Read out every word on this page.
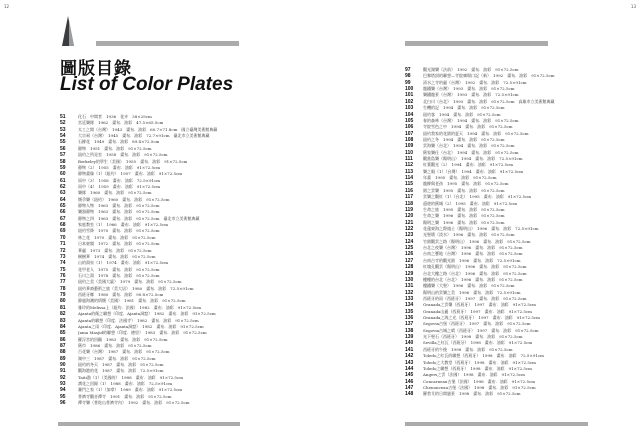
12	13
圖版目錄
List of Color Plates
51	化石　中間者　1936　花卉　38×29cm
52	宮廷樂隊　1962　畫布．油彩　47.5×65.5cm
53	太工之間（台灣）　1943　畫布．油彩　60.7×71.8cm　國立臺灣美術館典藏
54	大宗祠（台灣）　1945　畫布．油彩　72.7×91cm　臺北市立美術館典藏
55	石柳花　1949　畫布．油彩　89.4×72.5cm
56	靜物　1951　畫布．油彩　91×72.5cm
57	紐約之所見室　1958　畫布．油彩　91×72.5cm
58	Berkeley的學生（美國）　1955　畫布．油彩　91×72.5cm
59	靜物（2）　1955　畫布．油彩　91×72.5cm
60	靜物畫像（1）（紐約）　1957　畫布．油彩　91×72.5cm
61	雨中（3）　1958　畫布．油彩　72.5×91cm
62	雨中（4）　1959　畫布．油彩　91×72.5cm
63	樂隊　1960　畫布．油彩　91×72.5cm
64	懷孕樂（紐約）　1960　畫布．油彩　91×72.5cm
65	靜物人物　1963　畫布．油彩　91×72.5cm
66	樂器靜物　1963　畫布．油彩　91×72.5cm
67	靜物之四　1963　畫布．油彩　91×72.5cm　臺北市立美術館典藏
68	家庭教室（1）　1966　畫布．油彩　91×72.5cm
69	紐約雪降　1970　畫布．油彩　91×72.5cm
70	林之花　1970　畫布．油彩　91×72.5cm
71	日本東閣　1972　畫布．油彩　91×72.5cm
72	華麗　1973　畫布．油彩　91×72.5cm
73	樹樹華　1974　畫布．油彩　91×72.5cm
74	山的湯泉（1）　1974　畫布．油彩　91×72.5cm
75	花甲老人　1975　畫布．油彩　91×72.5cm
76	石川之湯　1978　畫布．油彩　91×72.5cm
77	紐約之美（美國大廈）　1979　畫布．油彩　91×72.5cm
78	紐約華裔藝術之旅（美大居）　1980　畫布．油彩　72.5×91cm
79	西班牙鄉　1980　畫布．油彩　90.8×72.5cm
80	靜風海潮的情懷（美國）　1981　畫布．油彩　91×72.5cm
81	雅玲的Melissa上（紐約．法國）　1982　畫布．油彩　91×72.5cm
82	Ajanta的衛之聯想（印度．Ajanta洞窟）　1982　畫布．油彩　91×72.5cm
83	Ajanta的聯想（印度．法國寺）　1982　畫布．油彩　91×72.5cm
84	Ajanta之雨（印度．Ajanta洞窟）　1982　畫布．油彩　91×72.5cm
85	Jama Masjid的聯想（印度．德里）　1983　畫布．油彩　91×72.5cm
86	羅浮宮的回顧　1983　畫布．油彩　91×72.5cm
87	舊市　1986　畫布．油彩　91×72.5cm
88	百花樂（台灣）　1987　畫布．油彩　91×72.5cm
89	湖中三　1987　畫布．油彩　91×72.5cm
90	紐約的冬天　1987　畫布．油彩　91×72.5cm
91	觀海港的花　1987　畫布．油彩　72.5×91cm
92	Taiti漁（1）（美國的）　1988　畫布．油彩　91×72.5cm
93	潤花之回歸（1）　1988　畫布．油彩　72.5×91cm
94	賽門之家（1）（加拿）　1989　畫布．油彩　91×72.5cm
95	普濟寺觀音禪寺　1991　畫布．油彩　91×72.5cm
96	禪寺樂（普陀山普濟寺內）　1992　畫布．油彩　91×72.5cm
97	觀光湖樂（法前）　1992　畫布．油彩　91×72.5cm
98	巴黎塔頂的聯想—寺院廣場口記（新）　1992　畫布．油彩　91×72.5cm
99	清水之寺的麗（台灣）　1992　畫布．油彩　72.5×91cm
100	龍鐵樂（台灣）　1993　畫布．油彩　91×72.5cm
101	樂鐵龍景（台灣）　1993　畫布．油彩　72.5×91cm
102	北白川（台北）　1993　畫布．油彩　91×72.5cm　高雄市立美術館典藏
103	生機的記　1994　畫布．油彩　91×72.5cm
104	紐約客　1994　畫布．油彩　91×72.5cm
105	春的森林（台灣）　1994　畫布．油彩　91×72.5cm
106	寺院雪色之中　1994　畫布．油彩　91×72.5cm
107	紐約我家的花園的夏天　1994　畫布．油彩　91×72.5cm
108	紐約之冬　1994　畫布．油彩　91×72.5cm
109	雲海樂（台北）　1994　畫布．油彩　91×72.5cm
110	舊家樂仕（台北）　1994　畫布．油彩　91×72.5cm
111	觀賞島樂（陽明山）　1994　畫布．油彩　72.5×91cm
112	紅葉觀光（2）　1994　畫布．油彩　91×72.5cm
113	樂之眼（1）（台灣）　1994　畫布．油彩　91×72.5cm
114	年畫　1995　畫布．油彩　91×72.5cm
115	龍柳與老孩　1995　畫布．油彩　91×72.5cm
116	園之雲樂　1995　畫布．油彩　91×72.5cm
117	雲樂之觀紅（1）（台北）　1995　畫布．油彩　91×72.5cm
118	還遊的舊城（2）　1995　畫布．油彩　91×72.5cm
119	生命之旅　1995　畫布．油彩　91×72.5cm
120	生命之樂　1996　畫布．油彩　91×72.5cm
121	陽明之樂　1996　畫布．油彩　91×72.5cm
122	花蓮東海之際遇士（陽明山）　1996　畫布．油彩　72.5×91cm
123	光聖壇（淡水）　1996　畫布．油彩　91×72.5cm
124	竹園觀雲之路（陽明山）　1996　畫布．油彩　91×72.5cm
125	台北之夜樂（台灣）　1996　畫布．油彩　91×72.5cm
126	台南之寶地（台灣）　1996　畫布．油彩　91×72.5cm
127	台南古寺的觀光園　1996　畫布．油彩　72.5×91cm
128	紅塊孔觀雲（陽明山）　1996　畫布．油彩　91×72.5cm
129	台北大樓之路（台北）　1996　畫布．油彩　91×72.5cm
130	樓樓的台北（台北）　1996　畫布．油彩　91×72.5cm
131	樓鐵樂（大聖）　1996　畫布．油彩　91×72.5cm
132	陽明山的雲樂之美　1996　畫布．油彩　72.5×91cm
133	西班牙的雨（西班牙）　1997　畫布．油彩　91×72.5cm
134	Granada之雲樂（西班牙）　1997　畫布．油彩　91×72.5cm
135	Granada山麗（西班牙）　1997　畫布．油彩　91×72.5cm
136	Granada之海之光（西班牙）　1997　畫布．油彩　91×72.5cm
137	Segovia古堡（西班牙）　1997　畫布．油彩　91×72.5cm
138	Segovia古城之晴（西班牙）　1997　畫布．油彩　91×72.5cm
139	光下聖石（西班牙）　1998　畫布．油彩　91×72.5cm
140	Sevilla之紅瓦（西班牙）　1998　畫布．油彩　91×72.5cm
141	西班牙的午後　1998　畫布．油彩　91×72.5cm
142	Toledo之紅瓦的聯想（西班牙）　1998　畫布．油彩　72.5×91cm
143	Toledo之大教堂（西班牙）　1998　畫布．油彩　91×72.5cm
144	Toledo之聯想（西班牙）　1998　畫布．油彩　91×72.5cm
145	Angers之雲（法國）　1998　畫布．油彩　91×72.5cm
146	Concarneau古堡（法國）　1998　畫布．油彩　91×72.5cm
147	Chenonceau古堡（法國）　1998　畫布．油彩　91×72.5cm
148	羅勃艾的日間風景　1998　畫布．油彩　91×72.5cm
